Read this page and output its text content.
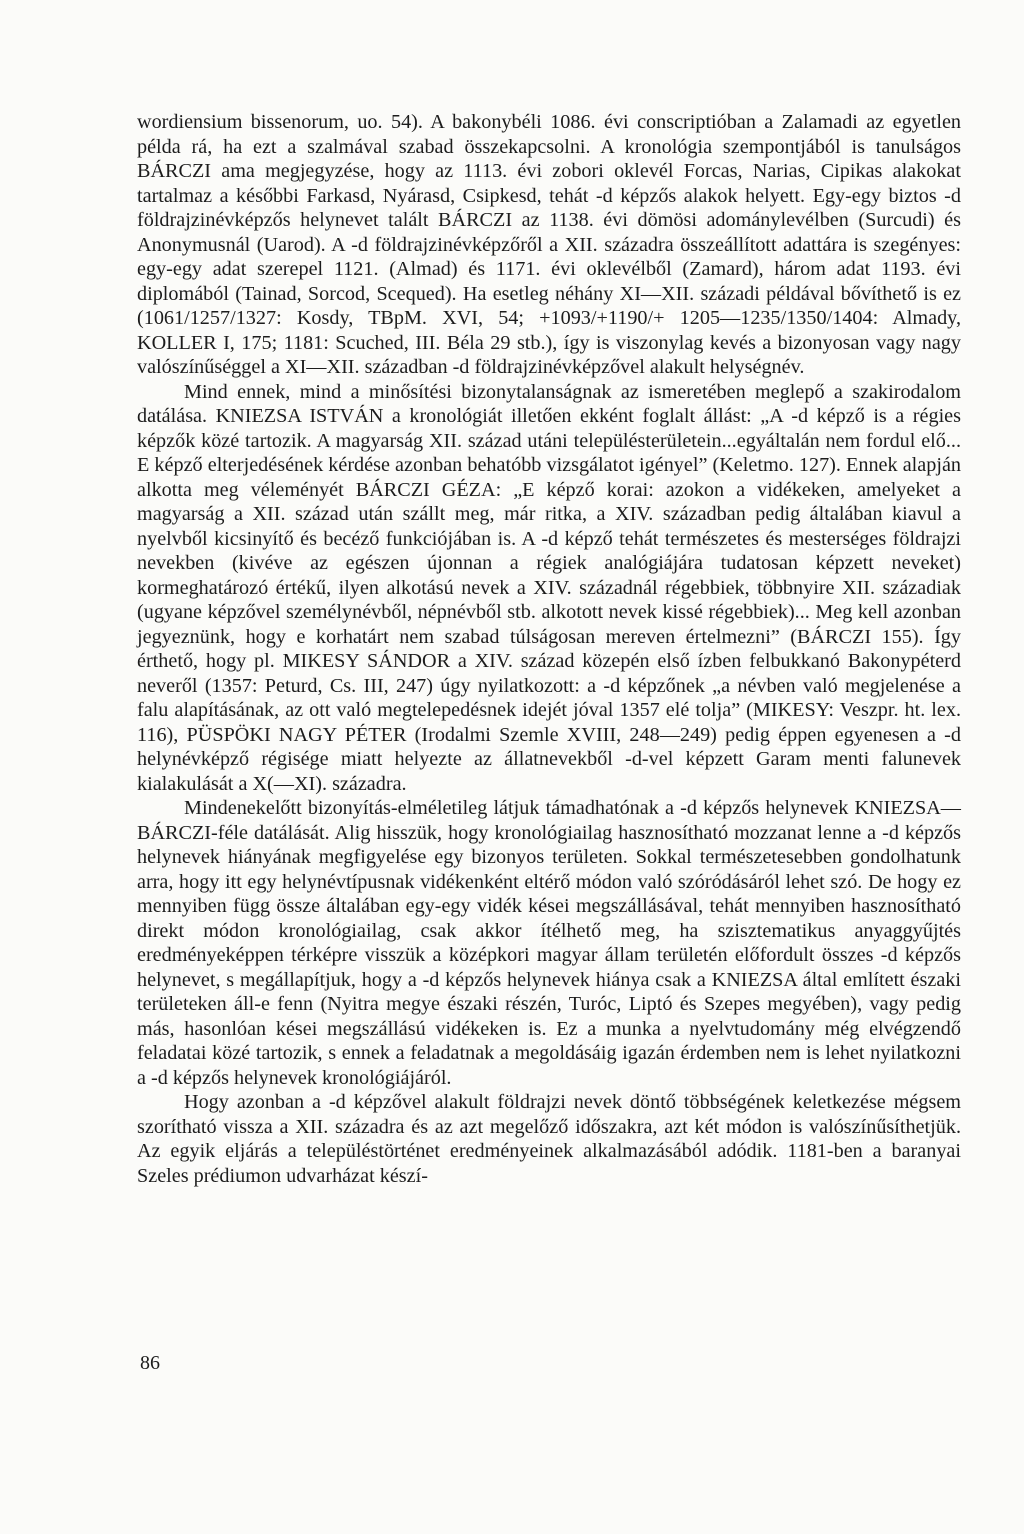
wordiensium bissenorum, uo. 54). A bakonybéli 1086. évi conscriptióban a Zalamadi az egyetlen példa rá, ha ezt a szalmával szabad összekapcsolni. A kronológia szempontjából is tanulságos BÁRCZI ama megjegyzése, hogy az 1113. évi zobori oklevél Forcas, Narias, Cipikas alakokat tartalmaz a későbbi Farkasd, Nyárasd, Csipkesd, tehát -d képzős alakok helyett. Egy-egy biztos -d földrajzinévképzős helynevet talált BÁRCZI az 1138. évi dömösi adománylevélben (Surcudi) és Anonymusnál (Uarod). A -d földrajzinévképzőről a XII. századra összeállított adattára is szegényes: egy-egy adat szerepel 1121. (Almad) és 1171. évi oklevélből (Zamard), három adat 1193. évi diplomából (Tainad, Sorcod, Scequed). Ha esetleg néhány XI—XII. századi példával bővíthető is ez (1061/1257/1327: Kosdy, TBpM. XVI, 54; +1093/+1190/+ 1205—1235/1350/1404: Almady, KOLLER I, 175; 1181: Scuched, III. Béla 29 stb.), így is viszonylag kevés a bizonyosan vagy nagy valószínűséggel a XI—XII. században -d földrajzinévképzővel alakult helységnév.

Mind ennek, mind a minősítési bizonytalanságnak az ismeretében meglepő a szakirodalom datálása. KNIEZSA ISTVÁN a kronológiát illetően ekként foglalt állást: „A -d képző is a régies képzők közé tartozik. A magyarság XII. század utáni településterületein...egyáltalán nem fordul elő... E képző elterjedésének kérdése azonban behatóbb vizsgálatot igényel” (Keletmo. 127). Ennek alapján alkotta meg véleményét BÁRCZI GÉZA: „E képző korai: azokon a vidékeken, amelyeket a magyarság a XII. század után szállt meg, már ritka, a XIV. században pedig általában kiavul a nyelvből kicsinyítő és becéző funkciójában is. A -d képző tehát természetes és mesterséges földrajzi nevekben (kivéve az egészen újonnan a régiek analógiájára tudatosan képzett neveket) kormeghatározó értékű, ilyen alkotású nevek a XIV. századnál régebbiek, többnyire XII. századiak (ugyane képzővel személynévből, népnévből stb. alkotott nevek kissé régebbiek)... Meg kell azonban jegyeznünk, hogy e korhatárt nem szabad túlságosan mereven értelmezni” (BÁRCZI 155). Így érthető, hogy pl. MIKESY SÁNDOR a XIV. század közepén első ízben felbukkanó Bakonypéterd neveről (1357: Peturd, Cs. III, 247) úgy nyilatkozott: a -d képzőnek „a névben való megjelenése a falu alapításának, az ott való megtelepedésnek idejét jóval 1357 elé tolja” (MIKESY: Veszpr. ht. lex. 116), PÜSPÖKI NAGY PÉTER (Irodalmi Szemle XVIII, 248—249) pedig éppen egyenesen a -d helynévképző régisége miatt helyezte az állatnevekből -d-vel képzett Garam menti falunevek kialakulását a X(—XI). századra.

Mindenekelőtt bizonyítás-elméletileg látjuk támadhatónak a -d képzős helynevek KNIEZSA—BÁRCZI-féle datálását. Alig hisszük, hogy kronológiailag hasznosítható mozzanat lenne a -d képzős helynevek hiányának megfigyelése egy bizonyos területen. Sokkal természetesebben gondolhatunk arra, hogy itt egy helynévtípusnak vidékenként eltérő módon való szóródásáról lehet szó. De hogy ez mennyiben függ össze általában egy-egy vidék kései megszállásával, tehát mennyiben hasznosítható direkt módon kronológiailag, csak akkor ítélhető meg, ha szisztematikus anyaggyűjtés eredményeképpen térképre visszük a középkori magyar állam területén előfordult összes -d képzős helynevet, s megállapítjuk, hogy a -d képzős helynevek hiánya csak a KNIEZSA által említett északi területeken áll-e fenn (Nyitra megye északi részén, Turóc, Liptó és Szepes megyében), vagy pedig más, hasonlóan kései megszállású vidékeken is. Ez a munka a nyelvtudomány még elvégzendő feladatai közé tartozik, s ennek a feladatnak a megoldásáig igazán érdemben nem is lehet nyilatkozni a -d képzős helynevek kronológiájáról.

Hogy azonban a -d képzővel alakult földrajzi nevek döntő többségének keletkezése mégsem szorítható vissza a XII. századra és az azt megelőző időszakra, azt két módon is valószínűsíthetjük. Az egyik eljárás a településtörténet eredményeinek alkalmazásából adódik. 1181-ben a baranyai Szeles prédiumon udvarházat készí-

86
